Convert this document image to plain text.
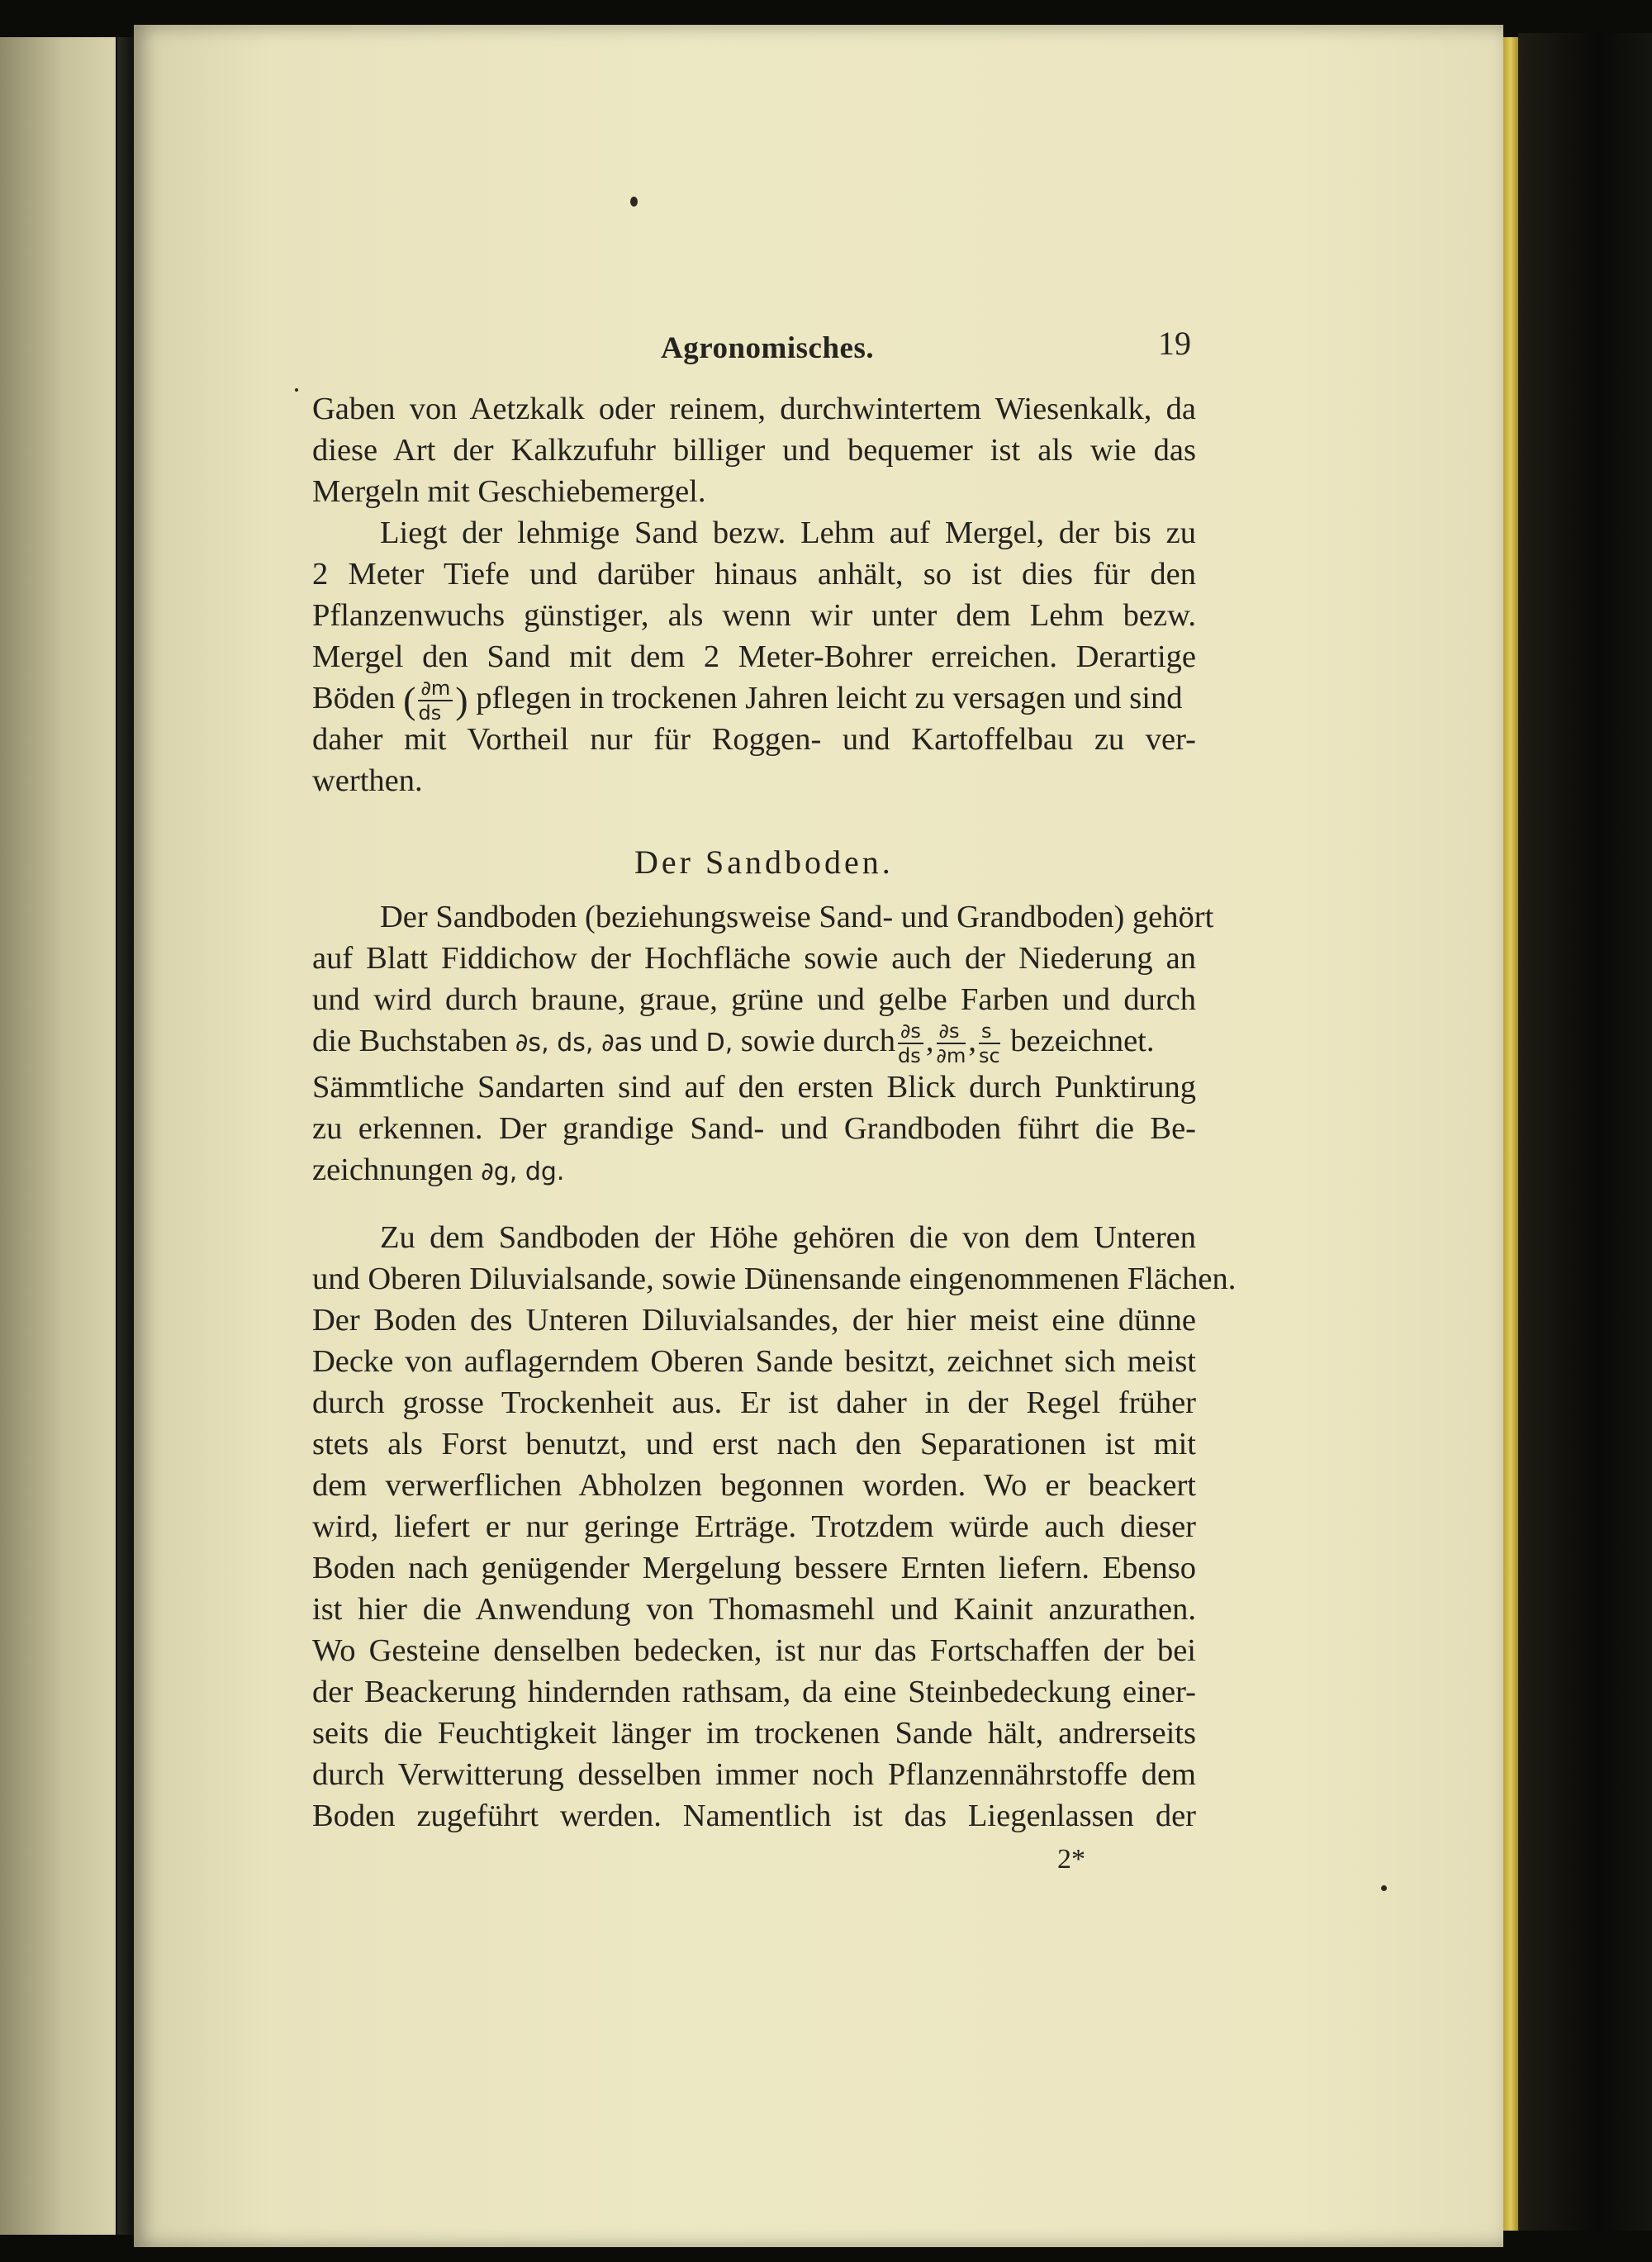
Agronomisches.	19
Gaben von Aetzkalk oder reinem, durchwintertem Wiesenkalk, da
diese Art der Kalkzufuhr billiger und bequemer ist als wie das
Mergeln mit Geschiebemergel.
Liegt der lehmige Sand bezw. Lehm auf Mergel, der bis zu
2 Meter Tiefe und darüber hinaus anhält, so ist dies für den
Pflanzenwuchs günstiger, als wenn wir unter dem Lehm bezw.
Mergel den Sand mit dem 2 Meter-Bohrer erreichen. Derartige
Böden ( $\frac{\partial m}{ds}$ ) pflegen in trockenen Jahren leicht zu versagen und sind
daher mit Vortheil nur für Roggen- und Kartoffelbau zu ver-
werthen.
Der Sandboden.
Der Sandboden (beziehungsweise Sand- und Grandboden) gehört
auf Blatt Fiddichow der Hochfläche sowie auch der Niederung an
und wird durch braune, graue, grüne und gelbe Farben und durch
die Buchstaben ∂s, ds, ∂as und D, sowie durch $\frac{\partial s}{ds}$ , $\frac{\partial s}{\partial m}$ , $\frac{s}{sc}$ bezeichnet.
Sämmtliche Sandarten sind auf den ersten Blick durch Punktirung
zu erkennen. Der grandige Sand- und Grandboden führt die Be-
zeichnungen ∂g, dg.
Zu dem Sandboden der Höhe gehören die von dem Unteren
und Oberen Diluvialsande, sowie Dünensande eingenommenen Flächen.
Der Boden des Unteren Diluvialsandes, der hier meist eine dünne
Decke von auflagerndem Oberen Sande besitzt, zeichnet sich meist
durch grosse Trockenheit aus. Er ist daher in der Regel früher
stets als Forst benutzt, und erst nach den Separationen ist mit
dem verwerflichen Abholzen begonnen worden. Wo er beackert
wird, liefert er nur geringe Erträge. Trotzdem würde auch dieser
Boden nach genügender Mergelung bessere Ernten liefern. Ebenso
ist hier die Anwendung von Thomasmehl und Kainit anzurathen.
Wo Gesteine denselben bedecken, ist nur das Fortschaffen der bei
der Beackerung hindernden rathsam, da eine Steinbedeckung einer-
seits die Feuchtigkeit länger im trockenen Sande hält, andrerseits
durch Verwitterung desselben immer noch Pflanzennährstoffe dem
Boden zugeführt werden. Namentlich ist das Liegenlassen der
2*
